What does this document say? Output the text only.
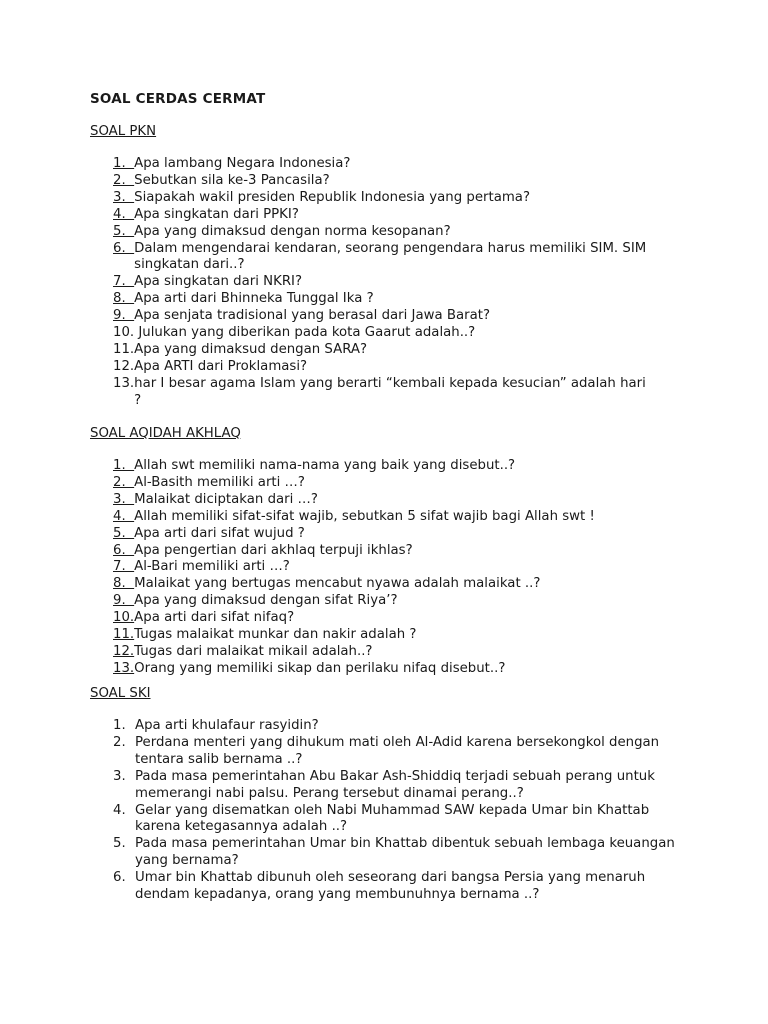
SOAL CERDAS CERMAT
SOAL PKN
1. Apa lambang Negara Indonesia?
2. Sebutkan sila ke-3 Pancasila?
3. Siapakah wakil presiden Republik Indonesia yang pertama?
4. Apa singkatan dari PPKI?
5. Apa yang dimaksud dengan norma kesopanan?
6. Dalam mengendarai kendaran, seorang pengendara harus memiliki SIM. SIM singkatan dari..?
7. Apa singkatan dari NKRI?
8. Apa arti dari Bhinneka Tunggal Ika ?
9. Apa senjata tradisional yang berasal dari Jawa Barat?
10. Julukan yang diberikan pada kota Gaarut adalah..?
11. Apa yang dimaksud dengan SARA?
12. Apa ARTI dari Proklamasi?
13. har I besar agama Islam yang berarti “kembali kepada kesucian” adalah hari ?
SOAL AQIDAH AKHLAQ
1. Allah swt memiliki nama-nama yang baik yang disebut..?
2. Al-Basith memiliki arti …?
3. Malaikat diciptakan dari …?
4. Allah memiliki sifat-sifat wajib, sebutkan 5 sifat wajib bagi Allah swt !
5. Apa arti dari sifat wujud ?
6. Apa pengertian dari akhlaq terpuji ikhlas?
7. Al-Bari memiliki arti …?
8. Malaikat yang bertugas mencabut nyawa adalah malaikat ..?
9. Apa yang dimaksud dengan sifat Riya’?
10. Apa arti dari sifat nifaq?
11. Tugas malaikat munkar dan nakir adalah ?
12. Tugas dari malaikat mikail adalah..?
13. Orang yang memiliki sikap dan perilaku nifaq disebut..?
SOAL SKI
1. Apa arti khulafaur rasyidin?
2. Perdana menteri yang dihukum mati oleh Al-Adid karena bersekongkol dengan tentara salib bernama ..?
3. Pada masa pemerintahan Abu Bakar Ash-Shiddiq terjadi sebuah perang untuk memerangi nabi palsu. Perang tersebut dinamai perang..?
4. Gelar yang disematkan oleh Nabi Muhammad SAW kepada Umar bin Khattab karena ketegasannya adalah ..?
5. Pada masa pemerintahan Umar bin Khattab dibentuk sebuah lembaga keuangan yang bernama?
6. Umar bin Khattab dibunuh oleh seseorang dari bangsa Persia yang menaruh dendam kepadanya, orang yang membunuhnya bernama ..?
